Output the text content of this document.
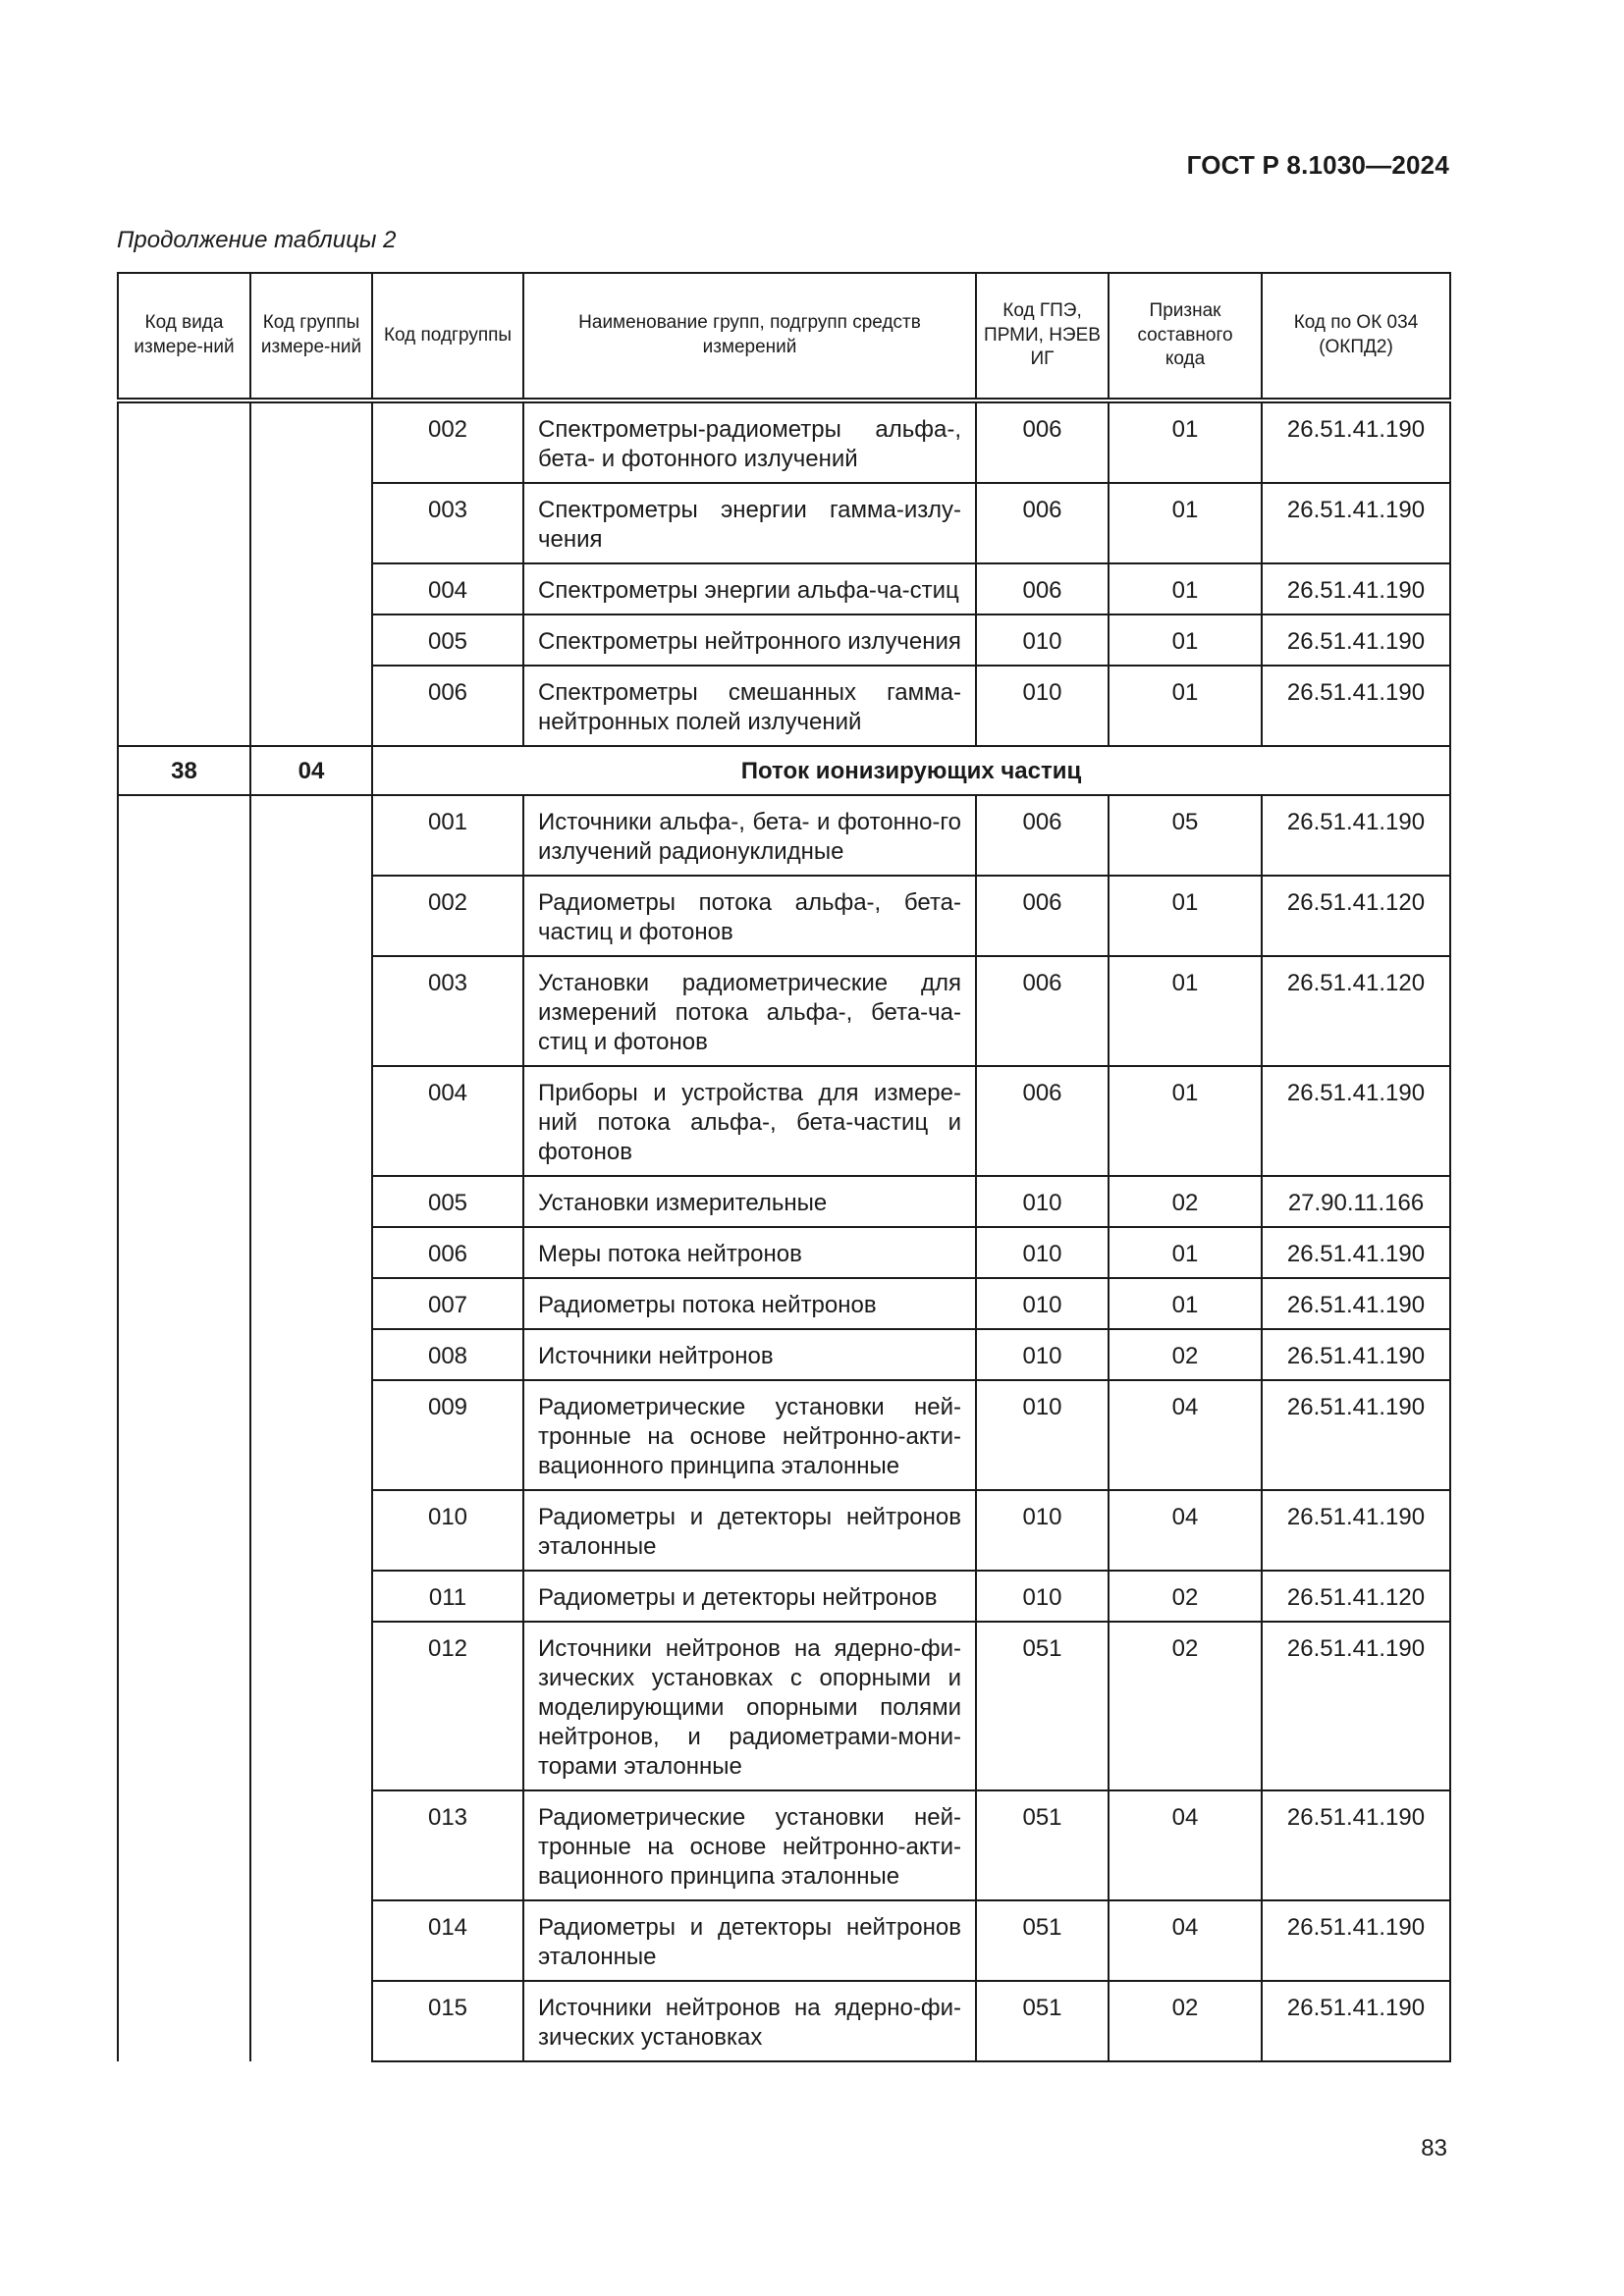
ГОСТ Р 8.1030—2024
Продолжение таблицы 2
Код вида измере-ний	Код группы измере-ний	Код подгруппы	Наименование групп, подгрупп средств измерений	Код ГПЭ, ПРМИ, НЭЕВ ИГ	Признак составного кода	Код по ОК 034 (ОКПД2)
		002	Спектрометры-радиометры альфа-, бета- и фотонного излучений	006	01	26.51.41.190
		003	Спектрометры энергии гамма-излу-чения	006	01	26.51.41.190
		004	Спектрометры энергии альфа-ча-стиц	006	01	26.51.41.190
		005	Спектрометры нейтронного излучения	010	01	26.51.41.190
		006	Спектрометры смешанных гамма-нейтронных полей излучений	010	01	26.51.41.190
38	04	Поток ионизирующих частиц				
		001	Источники альфа-, бета- и фотонно-го излучений радионуклидные	006	05	26.51.41.190
		002	Радиометры потока альфа-, бета-частиц и фотонов	006	01	26.51.41.120
		003	Установки радиометрические для измерений потока альфа-, бета-ча-стиц и фотонов	006	01	26.51.41.120
		004	Приборы и устройства для измере-ний потока альфа-, бета-частиц и фотонов	006	01	26.51.41.190
		005	Установки измерительные	010	02	27.90.11.166
		006	Меры потока нейтронов	010	01	26.51.41.190
		007	Радиометры потока нейтронов	010	01	26.51.41.190
		008	Источники нейтронов	010	02	26.51.41.190
		009	Радиометрические установки ней-тронные на основе нейтронно-акти-вационного принципа эталонные	010	04	26.51.41.190
		010	Радиометры и детекторы нейтронов эталонные	010	04	26.51.41.190
		011	Радиометры и детекторы нейтронов	010	02	26.51.41.120
		012	Источники нейтронов на ядерно-фи-зических установках с опорными и моделирующими опорными полями нейтронов, и радиометрами-мони-торами эталонные	051	02	26.51.41.190
		013	Радиометрические установки ней-тронные на основе нейтронно-акти-вационного принципа эталонные	051	04	26.51.41.190
		014	Радиометры и детекторы нейтронов эталонные	051	04	26.51.41.190
		015	Источники нейтронов на ядерно-фи-зических установках	051	02	26.51.41.190
83
